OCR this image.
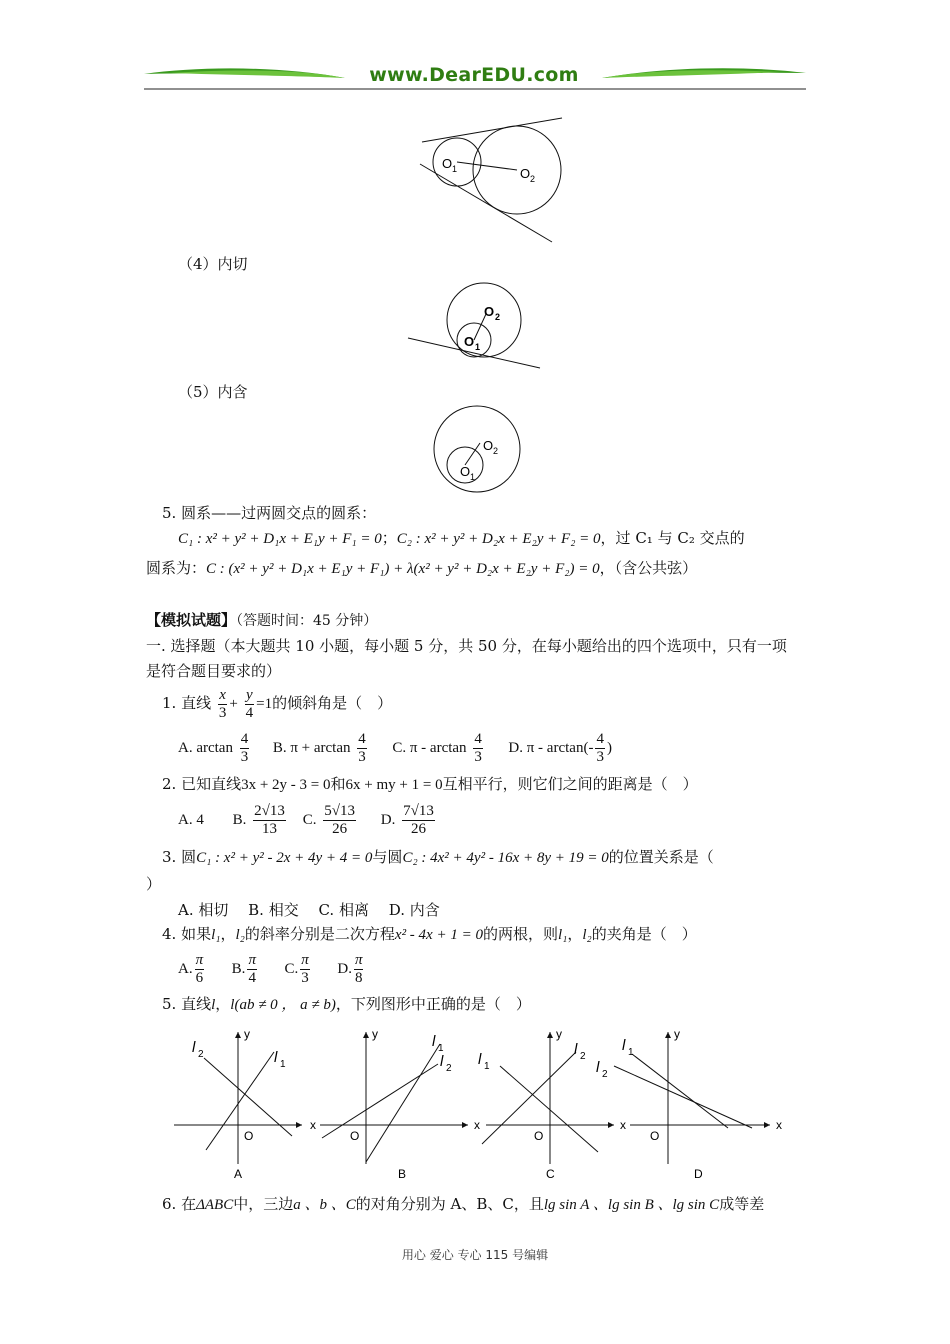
www.DearEDU.com
O 1	O 2
（4）内切
O 2
O 1
（5）内含
O 2
O 1
5. 圆系——过两圆交点的圆系：
C₁ : x² + y² + D₁x + E₁y + F₁ = 0；C₂ : x² + y² + D₂x + E₂y + F₂ = 0，过 C₁ 与 C₂ 交点的
圆系为：C : (x² + y² + D₁x + E₁y + F₁) + λ(x² + y² + D₂x + E₂y + F₂) = 0，（含公共弦）
【模拟试题】（答题时间：45 分钟）
一. 选择题（本大题共 10 小题，每小题 5 分，共 50 分，在每小题给出的四个选项中，只有一项
是符合题目要求的）
1. 直线 $\frac{x}{3} + \frac{y}{4} =1$的倾斜角是（　）
A. $\arctan \frac{4}{3} B$. $\pi + \arctan \frac{4}{3} C$. π - $\arctan \frac{4}{3} D$. π - $\arctan(- \frac{4}{3}$ )
2. 已知直线3x + 2y - 3 = 0和6x + my + 1 = 0互相平行，则它们之间的距离是（　）
A. 4 B. $\frac{2√13}{13} C$. $\frac{5√13}{26} D$. $\frac{7√13}{26}$
3. 圆C₁ : x² + y² - 2x + 4y + 4 = 0与圆C₂ : 4x² + 4y² - 16x + 8y + 19 = 0的位置关系是（
）
A. 相切　 B. 相交　 C. 相离　 D. 内含
4. 如果l₁，l₂的斜率分别是二次方程x² - 4x + 1 = 0的两根，则l₁，l₂的夹角是（　）
A. $\frac{\pi}{6} B$. $\frac{\pi}{4} C$. $\frac{\pi}{3} D$. $\frac{\pi}{8}$
5. 直线l，l(ab ≠ 0 ， a ≠ b)，下列图形中正确的是（　）
x
y
O
l 2	l 1
A
x
y
O
l 1
l 2
B
x
y
O
l 1
l 2
C
x
y
O
l 1
l 2
D
6. 在ΔABC中，三边a 、b 、C的对角分别为 A、B、C，且lg sin A 、lg sin B 、lg sin C成等差
用心 爱心 专心 115 号编辑
